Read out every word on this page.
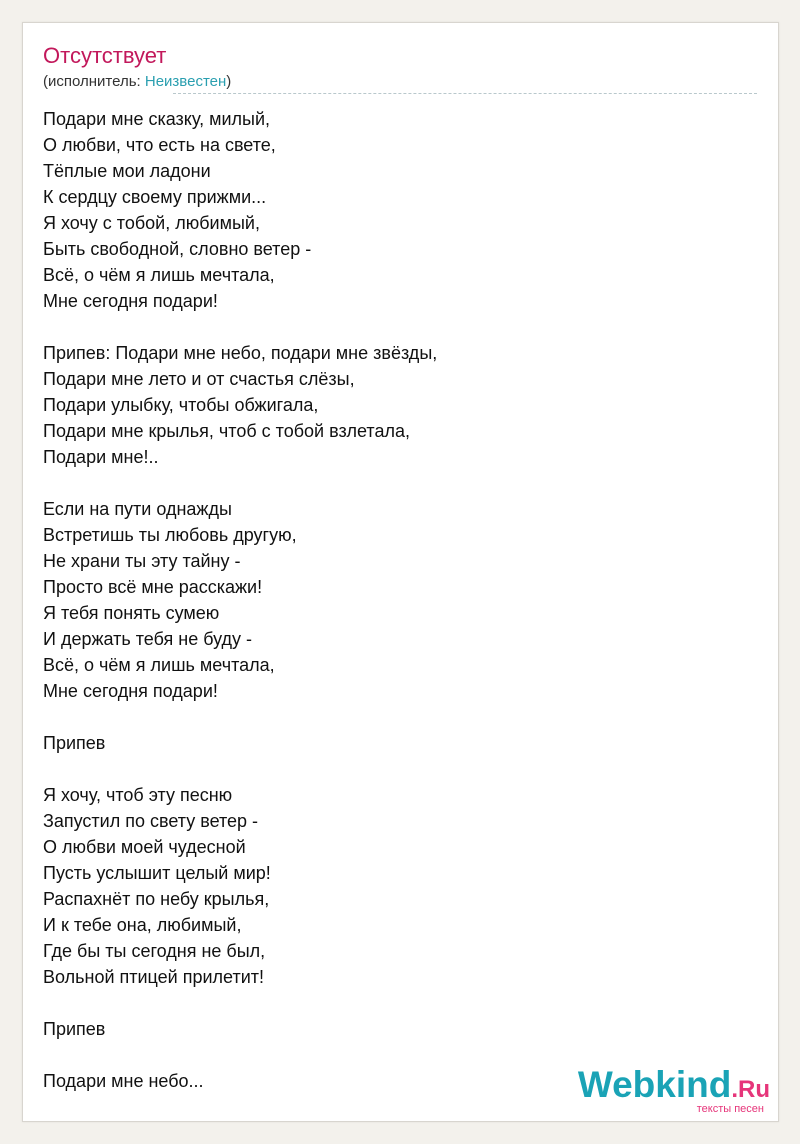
Отсутствует
(исполнитель: Неизвестен)
Подари мне сказку, милый,
О любви, что есть на свете,
Тёплые мои ладони
К сердцу своему прижми...
Я хочу с тобой, любимый,
Быть свободной, словно ветер -
Всё, о чём я лишь мечтала,
Мне сегодня подари!

Припев: Подари мне небо, подари мне звёзды,
Подари мне лето и от счастья слёзы,
Подари улыбку, чтобы обжигала,
Подари мне крылья, чтоб с тобой взлетала,
Подари мне!..

Если на пути однажды
Встретишь ты любовь другую,
Не храни ты эту тайну -
Просто всё мне расскажи!
Я тебя понять сумею
И держать тебя не буду -
Всё, о чём я лишь мечтала,
Мне сегодня подари!

Припев

Я хочу, чтоб эту песню
Запустил по свету ветер -
О любви моей чудесной
Пусть услышит целый мир!
Распахнёт по небу крылья,
И к тебе она, любимый,
Где бы ты сегодня не был,
Вольной птицей прилетит!

Припев

Подари мне небо...	Webkind.Ru
тексты песен
